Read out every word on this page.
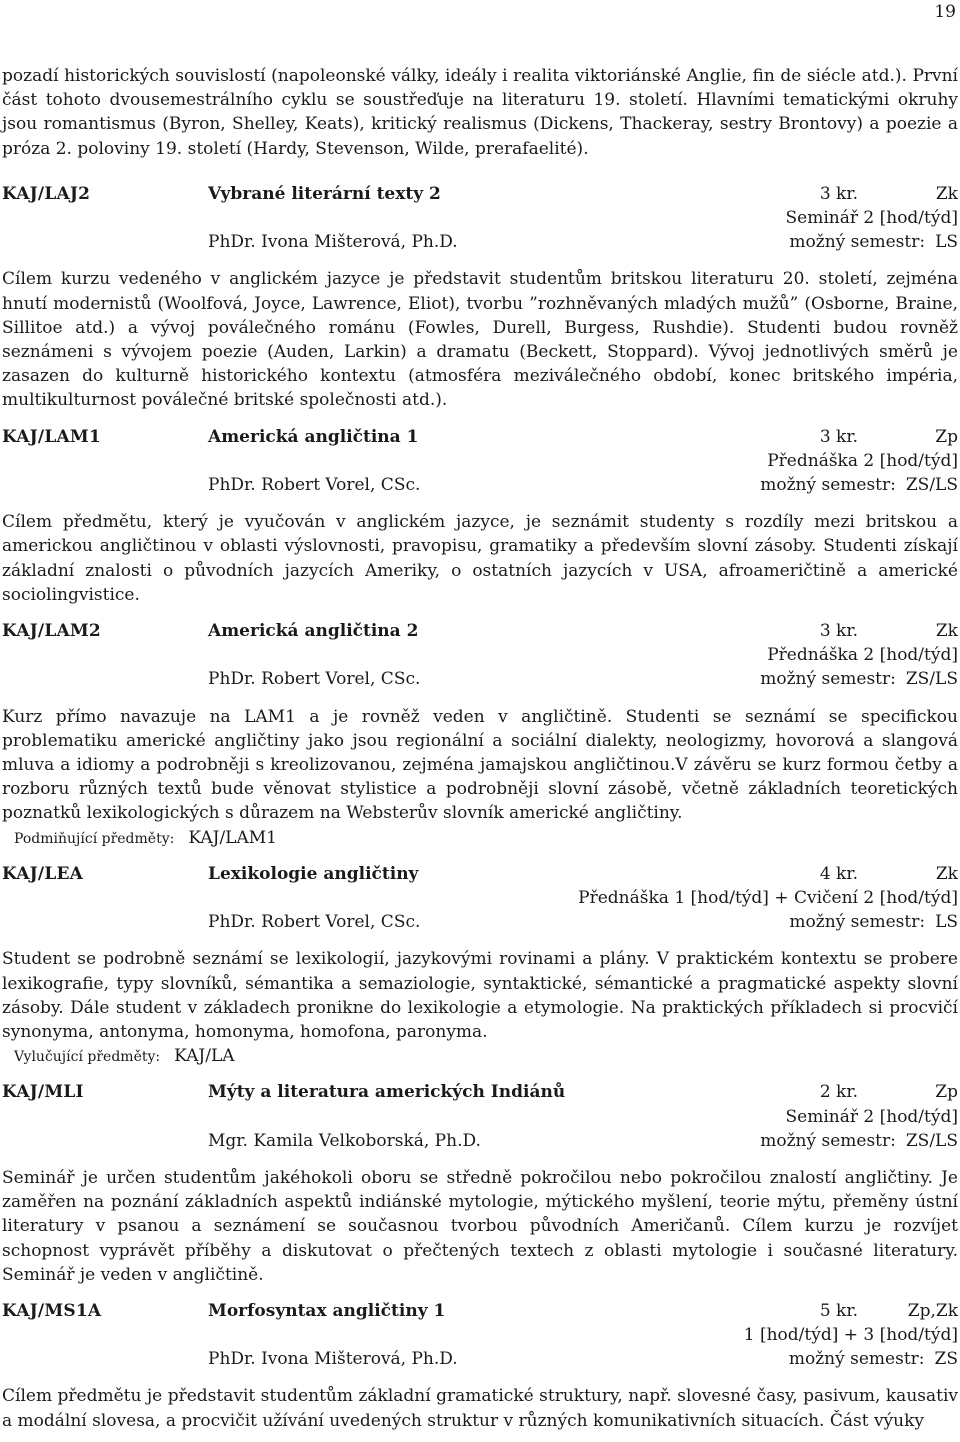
19

pozadí historických souvislostí (napoleonské války, ideály i realita viktoriánské Anglie, fin de siécle atd.). První část tohoto dvousemestrálního cyklu se soustřeďuje na literaturu 19. století. Hlavními tematickými okruhy jsou romantismus (Byron, Shelley, Keats), kritický realismus (Dickens, Thackeray, sestry Brontovy) a poezie a próza 2. poloviny 19. století (Hardy, Stevenson, Wilde, prerafaelité).

KAJ/LAJ2	Vybrané literární texty 2	3 kr.	Zk
Seminář 2 [hod/týd]
PhDr. Ivona Mišterová, Ph.D.	možný semestr: LS

Cílem kurzu vedeného v anglickém jazyce je představit studentům britskou literaturu 20. století, zejména hnutí modernistů (Woolfová, Joyce, Lawrence, Eliot), tvorbu ”rozhněvaných mladých mužů” (Osborne, Braine, Sillitoe atd.) a vývoj poválečného románu (Fowles, Durell, Burgess, Rushdie). Studenti budou rovněž seznámeni s vývojem poezie (Auden, Larkin) a dramatu (Beckett, Stoppard). Vývoj jednotlivých směrů je zasazen do kulturně historického kontextu (atmosféra meziválečného období, konec britského impéria, multikulturnost poválečné britské společnosti atd.).

KAJ/LAM1	Americká angličtina 1	3 kr.	Zp
Přednáška 2 [hod/týd]
PhDr. Robert Vorel, CSc.	možný semestr: ZS/LS

Cílem předmětu, který je vyučován v anglickém jazyce, je seznámit studenty s rozdíly mezi britskou a americkou angličtinou v oblasti výslovnosti, pravopisu, gramatiky a především slovní zásoby. Studenti získají základní znalosti o původních jazycích Ameriky, o ostatních jazycích v USA, afroameričtině a americké sociolingvistice.

KAJ/LAM2	Americká angličtina 2	3 kr.	Zk
Přednáška 2 [hod/týd]
PhDr. Robert Vorel, CSc.	možný semestr: ZS/LS

Kurz přímo navazuje na LAM1 a je rovněž veden v angličtině. Studenti se seznámí se specifickou problematiku americké angličtiny jako jsou regionální a sociální dialekty, neologizmy, hovorová a slangová mluva a idiomy a podrobněji s kreolizovanou, zejména jamajskou angličtinou.V závěru se kurz formou četby a rozboru různých textů bude věnovat stylistice a podrobněji slovní zásobě, včetně základních teoretických poznatků lexikologických s důrazem na Websterův slovník americké angličtiny.

Podmiňující předměty: KAJ/LAM1

KAJ/LEA	Lexikologie angličtiny	4 kr.	Zk
Přednáška 1 [hod/týd] + Cvičení 2 [hod/týd]
PhDr. Robert Vorel, CSc.	možný semestr: LS

Student se podrobně seznámí se lexikologií, jazykovými rovinami a plány. V praktickém kontextu se probere lexikografie, typy slovníků, sémantika a semaziologie, syntaktické, sémantické a pragmatické aspekty slovní zásoby. Dále student v základech pronikne do lexikologie a etymologie. Na praktických příkladech si procvičí synonyma, antonyma, homonyma, homofona, paronyma.

Vylučující předměty: KAJ/LA

KAJ/MLI	Mýty a literatura amerických Indiánů	2 kr.	Zp
Seminář 2 [hod/týd]
Mgr. Kamila Velkoborská, Ph.D.	možný semestr: ZS/LS

Seminář je určen studentům jakéhokoli oboru se středně pokročilou nebo pokročilou znalostí angličtiny. Je zaměřen na poznání základních aspektů indiánské mytologie, mýtického myšlení, teorie mýtu, přeměny ústní literatury v psanou a seznámení se současnou tvorbou původních Američanů. Cílem kurzu je rozvíjet schopnost vyprávět příběhy a diskutovat o přečtených textech z oblasti mytologie i současné literatury. Seminář je veden v angličtině.

KAJ/MS1A	Morfosyntax angličtiny 1	5 kr.	Zp,Zk
1 [hod/týd] + 3 [hod/týd]
PhDr. Ivona Mišterová, Ph.D.	možný semestr: ZS

Cílem předmětu je představit studentům základní gramatické struktury, např. slovesné časy, pasivum, kausativ a modální slovesa, a procvičit užívání uvedených struktur v různých komunikativních situacích. Část výuky
